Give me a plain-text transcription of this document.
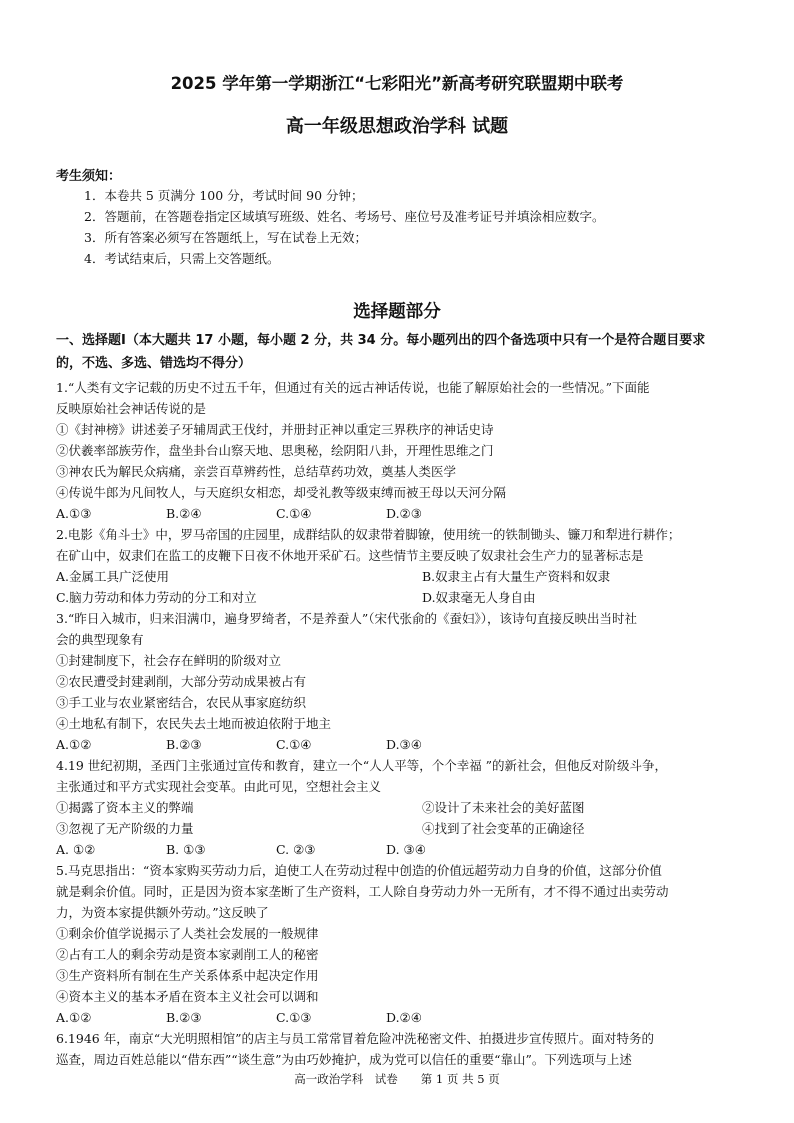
2025 学年第一学期浙江“七彩阳光”新高考研究联盟期中联考
高一年级思想政治学科 试题
考生须知：
1．本卷共 5 页满分 100 分，考试时间 90 分钟；
2．答题前，在答题卷指定区域填写班级、姓名、考场号、座位号及准考证号并填涂相应数字。
3．所有答案必须写在答题纸上，写在试卷上无效；
4．考试结束后，只需上交答题纸。
选择题部分
一、选择题Ⅰ（本大题共 17 小题，每小题 2 分，共 34 分。每小题列出的四个备选项中只有一个是符合题目要求
的，不选、多选、错选均不得分）
1.“人类有文字记载的历史不过五千年，但通过有关的远古神话传说，也能了解原始社会的一些情况。”下面能
反映原始社会神话传说的是
①《封神榜》讲述姜子牙辅周武王伐纣，并册封正神以重定三界秩序的神话史诗
②伏羲率部族劳作，盘坐卦台山察天地、思奥秘，绘阴阳八卦，开理性思维之门
③神农氏为解民众病痛，亲尝百草辨药性，总结草药功效，奠基人类医学
④传说牛郎为凡间牧人，与天庭织女相恋，却受礼教等级束缚而被王母以天河分隔
A.①③	B.②④	C.①④	D.②③
2.电影《角斗士》中，罗马帝国的庄园里，成群结队的奴隶带着脚镣，使用统一的铁制锄头、镰刀和犁进行耕作；
在矿山中，奴隶们在监工的皮鞭下日夜不休地开采矿石。这些情节主要反映了奴隶社会生产力的显著标志是
A.金属工具广泛使用	B.奴隶主占有大量生产资料和奴隶
C.脑力劳动和体力劳动的分工和对立	D.奴隶毫无人身自由
3.“昨日入城市，归来泪满巾，遍身罗绮者，不是养蚕人”（宋代张俞的《蚕妇》），该诗句直接反映出当时社
会的典型现象有
①封建制度下，社会存在鲜明的阶级对立
②农民遭受封建剥削，大部分劳动成果被占有
③手工业与农业紧密结合，农民从事家庭纺织
④土地私有制下，农民失去土地而被迫依附于地主
A.①②	B.②③	C.①④	D.③④
4.19 世纪初期，圣西门主张通过宣传和教育，建立一个“人人平等，个个幸福 ”的新社会，但他反对阶级斗争，
主张通过和平方式实现社会变革。由此可见，空想社会主义
①揭露了资本主义的弊端	②设计了未来社会的美好蓝图
③忽视了无产阶级的力量	④找到了社会变革的正确途径
A. ①②	B. ①③	C. ②③	D. ③④
5.马克思指出：“资本家购买劳动力后，迫使工人在劳动过程中创造的价值远超劳动力自身的价值，这部分价值
就是剩余价值。同时，正是因为资本家垄断了生产资料，工人除自身劳动力外一无所有，才不得不通过出卖劳动
力，为资本家提供额外劳动。”这反映了
①剩余价值学说揭示了人类社会发展的一般规律
②占有工人的剩余劳动是资本家剥削工人的秘密
③生产资料所有制在生产关系体系中起决定作用
④资本主义的基本矛盾在资本主义社会可以调和
A.①②	B.②③	C.①③	D.②④
6.1946 年，南京“大光明照相馆”的店主与员工常常冒着危险冲洗秘密文件、拍摄进步宣传照片。面对特务的
巡查，周边百姓总能以“借东西”“谈生意”为由巧妙掩护，成为党可以信任的重要“靠山”。下列选项与上述
高一政治学科　试卷　　第 1 页 共 5 页
